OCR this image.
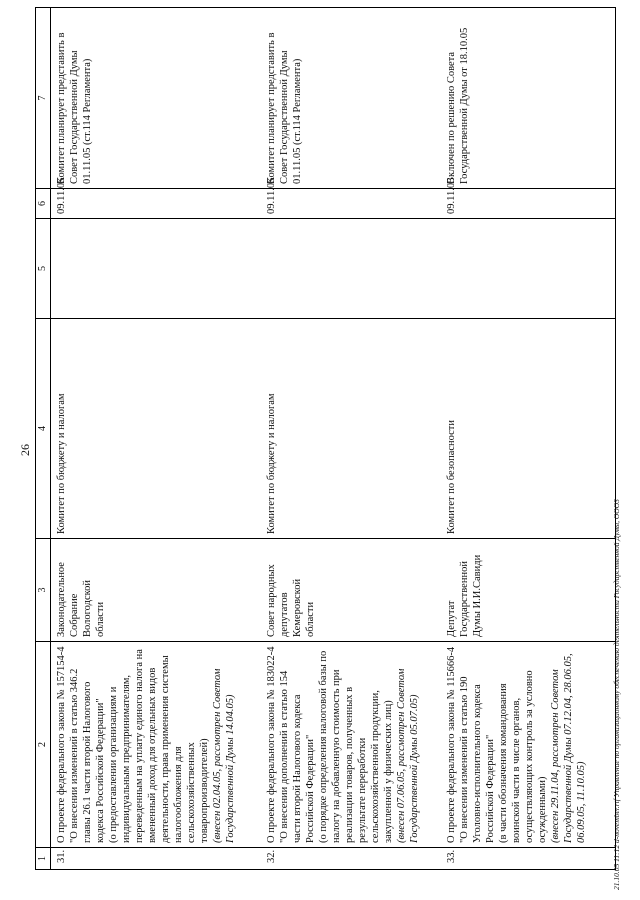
26
1	2	3	4	5	6	7
31.	О проекте федерального закона № 157154-4 "О внесении изменений в статью 346.2 главы 26.1 части второй Налогового кодекса Российской Федерации" (о предоставлении организациям и индивидуальным предпринимателям, переведенным на уплату единого налога на вмененный доход для отдельных видов деятельности, права применения системы налогообложения для сельскохозяйственных товаропроизводителей) (внесен 02.04.05, рассмотрен Советом Государственной Думы 14.04.05)	Законодательное Собрание Вологодской области	Комитет по бюджету и налогам		09.11.05	Комитет планирует представить в Совет Государственной Думы 01.11.05 (ст.114 Регламента)
32.	О проекте федерального закона № 183022-4 "О внесении дополнений в статью 154 части второй Налогового кодекса Российской Федерации" (о порядке определения налоговой базы по налогу на добавленную стоимость при реализации товаров, полученных в результате переработки сельскохозяйственной продукции, закупленной у физических лиц) (внесен 07.06.05, рассмотрен Советом Государственной Думы 05.07.05)	Совет народных депутатов Кемеровской области	Комитет по бюджету и налогам		09.11.05	Комитет планирует представить в Совет Государственной Думы 01.11.05 (ст.114 Регламента)
33.	О проекте федерального закона № 115666-4 "О внесении изменений в статью 190 Уголовно-исполнительного кодекса Российской Федерации" (в части обозначения командования воинской части в числе органов, осуществляющих контроль за условно осужденными) (внесен 29.11.04, рассмотрен Советом Государственной Думы 07.12.04, 28.06.05, 06.09.05, 11.10.05)	Депутат Государственной Думы И.И.Савиди	Комитет по безопасности		09.11.05	Включен по решению Совета Государственной Думы от 18.10.05
21.10.05 11:12 d-november.rtf Управление по организационному обеспечению деятельности Государственной Думы, ООО3
